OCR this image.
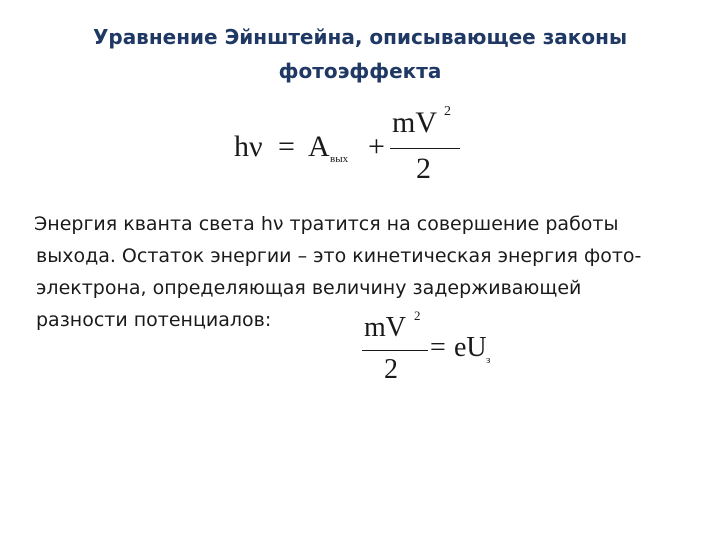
Уравнение Эйнштейна, описывающее законы
фотоэффекта
hν = A вых +
mV 2
2
Энергия кванта света hν тратится на совершение работы
выхода. Остаток энергии – это кинетическая энергия фото-
электрона, определяющая величину задерживающей
разности потенциалов:	mV 2
2
= eU з
